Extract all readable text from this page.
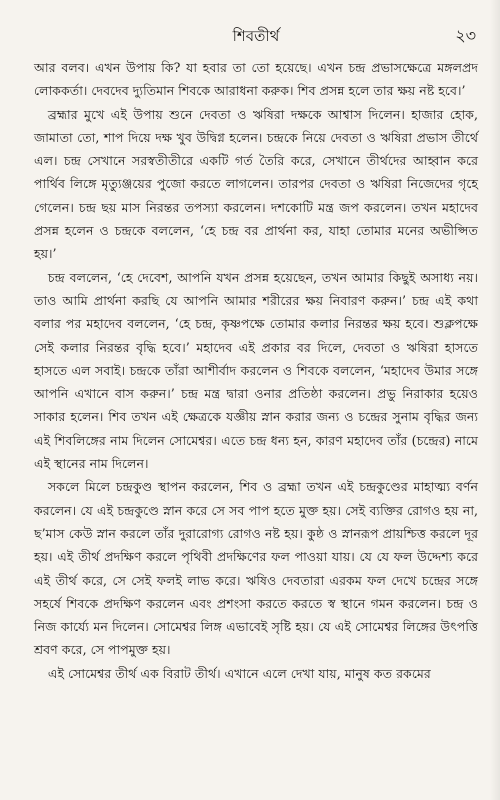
শিবতীর্থ	২৩

আর বলব। এখন উপায় কি? যা হবার তা তো হয়েছে। এখন চন্দ্র প্রভাসক্ষেত্রে মঙ্গলপ্রদ লোককর্তা। দেবদেব দ্যুতিমান শিবকে আরাধনা করুক। শিব প্রসন্ন হলে তার ক্ষয় নষ্ট হবে।’

ব্রহ্মার মুখে এই উপায় শুনে দেবতা ও ঋষিরা দক্ষকে আশ্বাস দিলেন। হাজার হোক, জামাতা তো, শাপ দিয়ে দক্ষ খুব উদ্বিগ্ন হলেন। চন্দ্রকে নিয়ে দেবতা ও ঋষিরা প্রভাস তীর্থে এল। চন্দ্র সেখানে সরস্বতীতীরে একটি গর্ত তৈরি করে, সেখানে তীর্থদের আহ্বান করে পার্থিব লিঙ্গে মৃত্যুঞ্জয়ের পুজো করতে লাগলেন। তারপর দেবতা ও ঋষিরা নিজেদের গৃহে গেলেন। চন্দ্র ছয় মাস নিরন্তর তপস্যা করলেন। দশকোটি মন্ত্র জপ করলেন। তখন মহাদেব প্রসন্ন হলেন ও চন্দ্রকে বললেন, ‘হে চন্দ্র বর প্রার্থনা কর, যাহা তোমার মনের অভীপ্সিত হয়।’

চন্দ্র বললেন, ‘হে দেবেশ, আপনি যখন প্রসন্ন হয়েছেন, তখন আমার কিছুই অসাধ্য নয়। তাও আমি প্রার্থনা করছি যে আপনি আমার শরীরের ক্ষয় নিবারণ করুন।’ চন্দ্র এই কথা বলার পর মহাদেব বললেন, ‘হে চন্দ্র, কৃষ্ণপক্ষে তোমার কলার নিরন্তর ক্ষয় হবে। শুক্লপক্ষে সেই কলার নিরন্তর বৃদ্ধি হবে।’ মহাদেব এই প্রকার বর দিলে, দেবতা ও ঋষিরা হাসতে হাসতে এল সবাই। চন্দ্রকে তাঁরা আশীর্বাদ করলেন ও শিবকে বললেন, ‘মহাদেব উমার সঙ্গে আপনি এখানে বাস করুন।’ চন্দ্র মন্ত্র দ্বারা ওনার প্রতিষ্ঠা করলেন। প্রভু নিরাকার হয়েও সাকার হলেন। শিব তখন এই ক্ষেত্রকে যজ্ঞীয় স্নান করার জন্য ও চন্দ্রের সুনাম বৃদ্ধির জন্য এই শিবলিঙ্গের নাম দিলেন সোমেশ্বর। এতে চন্দ্র ধন্য হন, কারণ মহাদেব তাঁর (চন্দ্রের) নামে এই স্থানের নাম দিলেন।

সকলে মিলে চন্দ্রকুণ্ড স্থাপন করলেন, শিব ও ব্রহ্মা তখন এই চন্দ্রকুণ্ডের মাহাত্ম্য বর্ণন করলেন। যে এই চন্দ্রকুণ্ডে স্নান করে সে সব পাপ হতে মুক্ত হয়। সেই ব্যক্তির রোগও হয় না, ছ’মাস কেউ স্নান করলে তাঁর দুরারোগ্য রোগও নষ্ট হয়। কুষ্ঠ ও স্নানরূপ প্রায়শ্চিত্ত করলে দূর হয়। এই তীর্থ প্রদক্ষিণ করলে পৃথিবী প্রদক্ষিণের ফল পাওয়া যায়। যে যে ফল উদ্দেশ্য করে এই তীর্থ করে, সে সেই ফলই লাভ করে। ঋষিও দেবতারা এরকম ফল দেখে চন্দ্রের সঙ্গে সহর্ষে শিবকে প্রদক্ষিণ করলেন এবং প্রশংসা করতে করতে স্ব স্থানে গমন করলেন। চন্দ্র ও নিজ কার্য্যে মন দিলেন। সোমেশ্বর লিঙ্গ এভাবেই সৃষ্টি হয়। যে এই সোমেশ্বর লিঙ্গের উৎপত্তি শ্রবণ করে, সে পাপমুক্ত হয়।

এই সোমেশ্বর তীর্থ এক বিরাট তীর্থ। এখানে এলে দেখা যায়, মানুষ কত রকমের
